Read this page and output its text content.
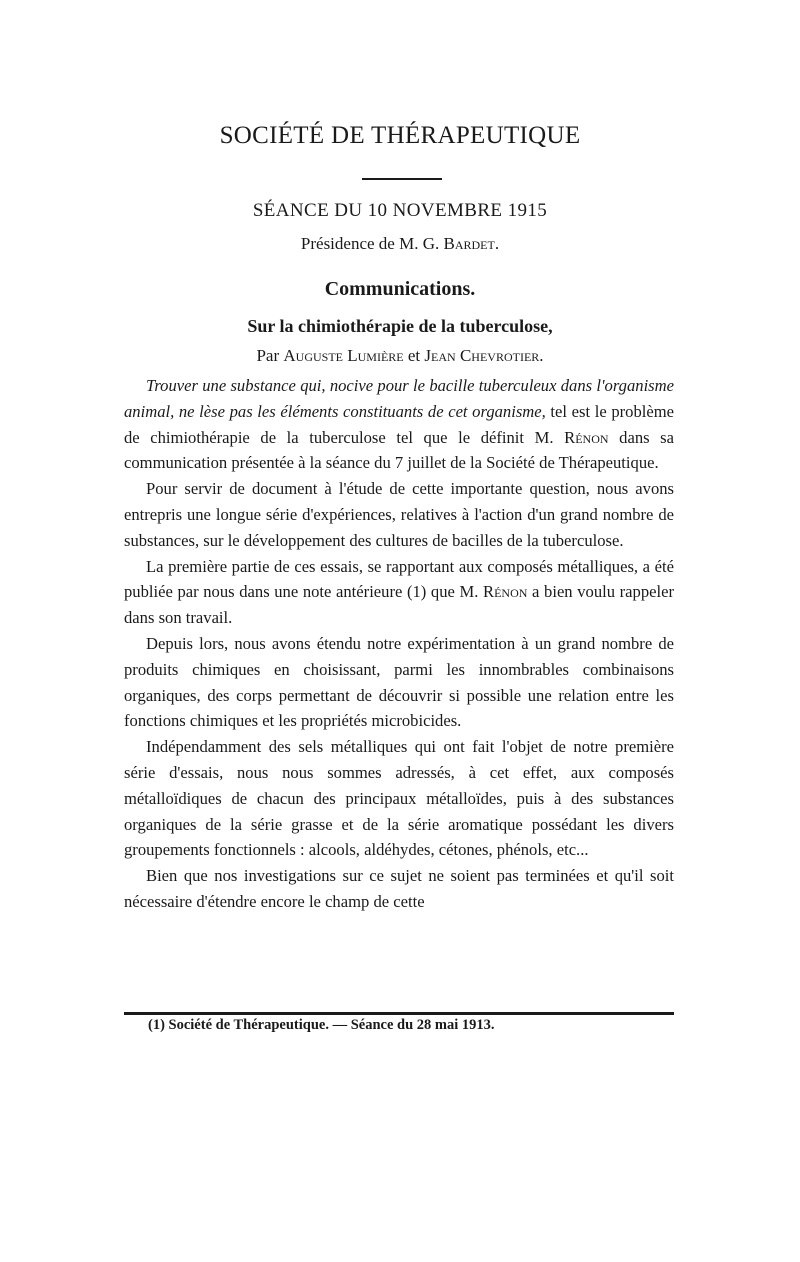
SOCIÉTÉ DE THÉRAPEUTIQUE
SÉANCE DU 10 NOVEMBRE 1915
Présidence de M. G. Bardet.
Communications.
Sur la chimiothérapie de la tuberculose,
Par Auguste Lumière et Jean Chevrotier.

Trouver une substance qui, nocive pour le bacille tuberculeux dans l'organisme animal, ne lèse pas les éléments constituants de cet organisme, tel est le problème de chimiothérapie de la tuberculose tel que le définit M. Rénon dans sa communication présentée à la séance du 7 juillet de la Société de Thérapeutique.

Pour servir de document à l'étude de cette importante question, nous avons entrepris une longue série d'expériences, relatives à l'action d'un grand nombre de substances, sur le développement des cultures de bacilles de la tuberculose.

La première partie de ces essais, se rapportant aux composés métalliques, a été publiée par nous dans une note antérieure (1) que M. Rénon a bien voulu rappeler dans son travail.

Depuis lors, nous avons étendu notre expérimentation à un grand nombre de produits chimiques en choisissant, parmi les innombrables combinaisons organiques, des corps permettant de découvrir si possible une relation entre les fonctions chimiques et les propriétés microbicides.

Indépendamment des sels métalliques qui ont fait l'objet de notre première série d'essais, nous nous sommes adressés, à cet effet, aux composés métalloïdiques de chacun des principaux métalloïdes, puis à des substances organiques de la série grasse et de la série aromatique possédant les divers groupements fonctionnels : alcools, aldéhydes, cétones, phénols, etc...

Bien que nos investigations sur ce sujet ne soient pas terminées et qu'il soit nécessaire d'étendre encore le champ de cette

(1) Société de Thérapeutique. — Séance du 28 mai 1913.
